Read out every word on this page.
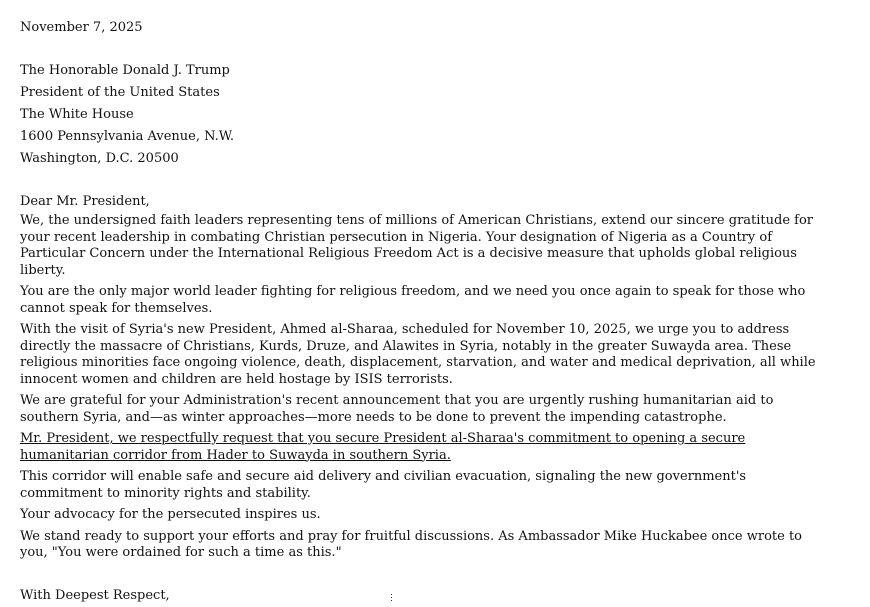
November 7, 2025
The Honorable Donald J. Trump
President of the United States
The White House
1600 Pennsylvania Avenue, N.W.
Washington, D.C. 20500
Dear Mr. President,

We, the undersigned faith leaders representing tens of millions of American Christians, extend our sincere gratitude for your recent leadership in combating Christian persecution in Nigeria. Your designation of Nigeria as a Country of Particular Concern under the International Religious Freedom Act is a decisive measure that upholds global religious liberty.

You are the only major world leader fighting for religious freedom, and we need you once again to speak for those who cannot speak for themselves.

With the visit of Syria's new President, Ahmed al-Sharaa, scheduled for November 10, 2025, we urge you to address directly the massacre of Christians, Kurds, Druze, and Alawites in Syria, notably in the greater Suwayda area. These religious minorities face ongoing violence, death, displacement, starvation, and water and medical deprivation, all while innocent women and children are held hostage by ISIS terrorists.

We are grateful for your Administration's recent announcement that you are urgently rushing humanitarian aid to southern Syria, and—as winter approaches—more needs to be done to prevent the impending catastrophe.

Mr. President, we respectfully request that you secure President al-Sharaa's commitment to opening a secure humanitarian corridor from Hader to Suwayda in southern Syria.

This corridor will enable safe and secure aid delivery and civilian evacuation, signaling the new government's commitment to minority rights and stability.

Your advocacy for the persecuted inspires us.

We stand ready to support your efforts and pray for fruitful discussions. As Ambassador Mike Huckabee once wrote to you, "You were ordained for such a time as this."

With Deepest Respect,
